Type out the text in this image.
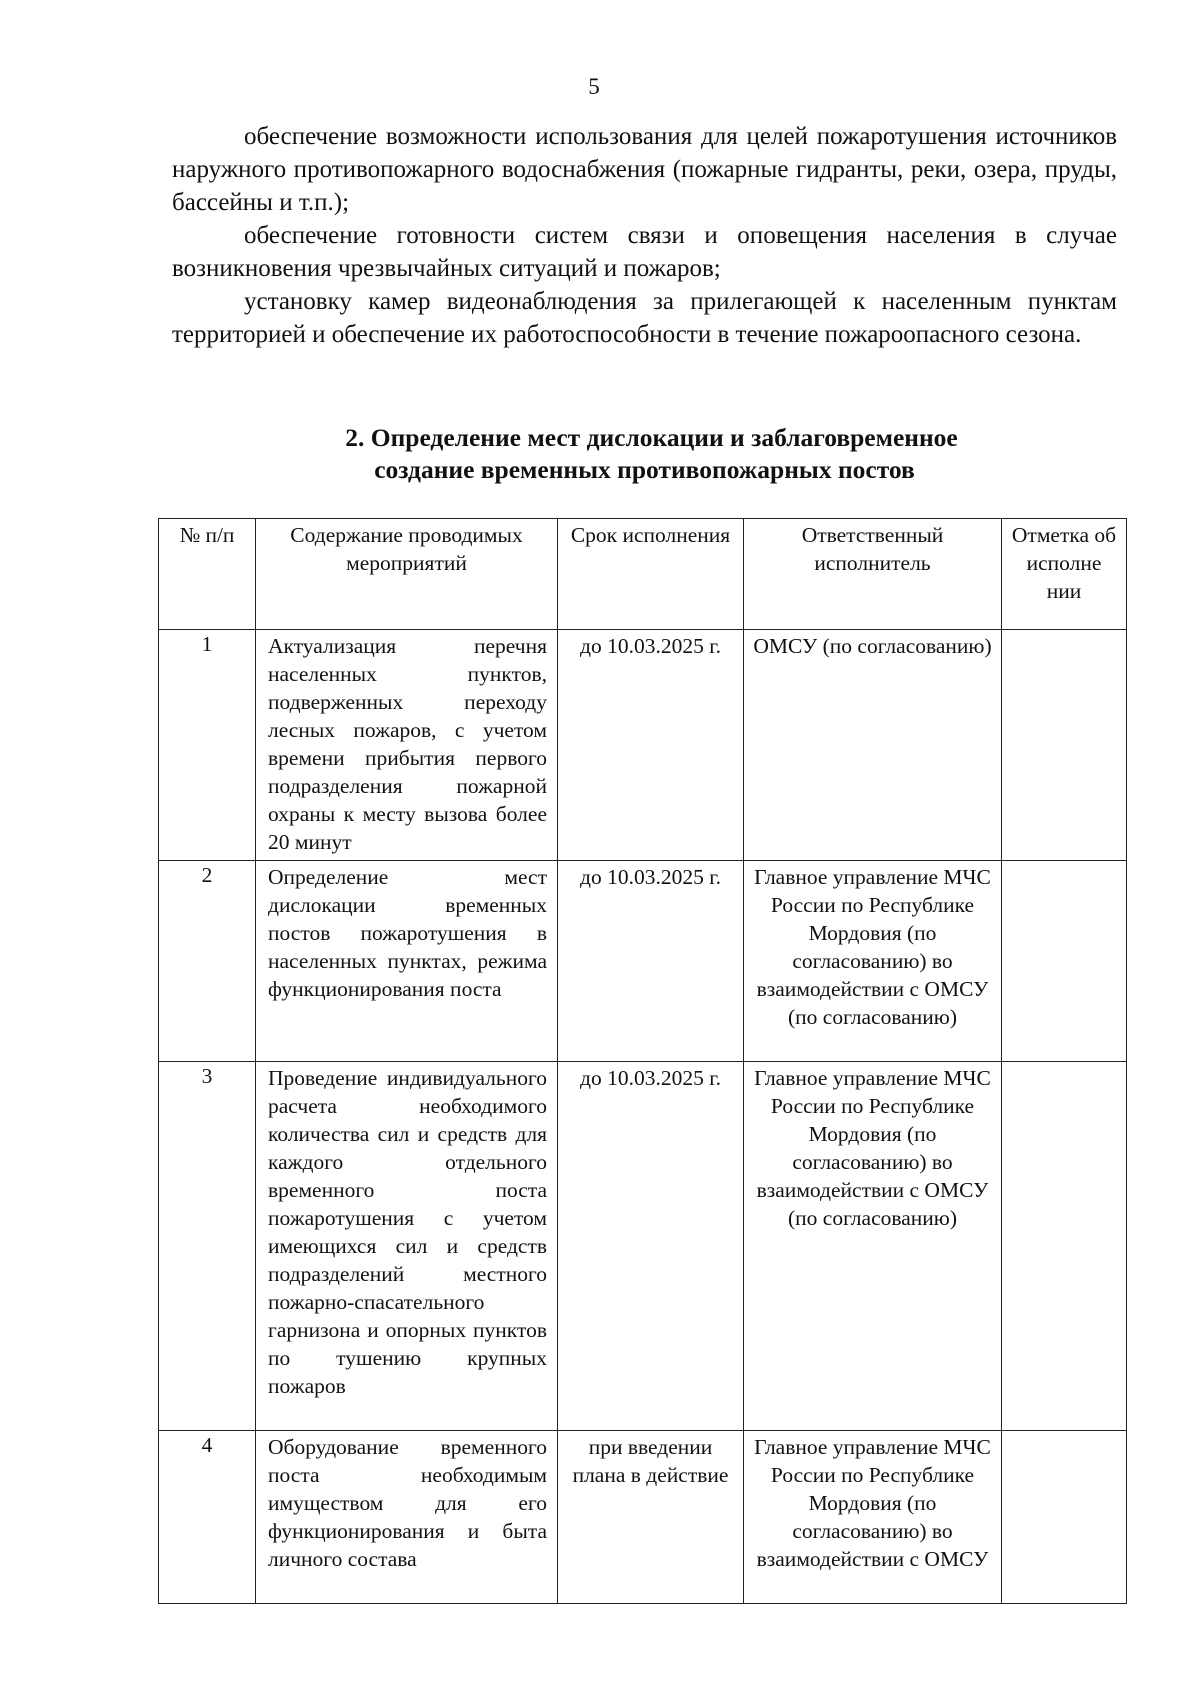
5

обеспечение возможности использования для целей пожаротушения источников наружного противопожарного водоснабжения (пожарные гидранты, реки, озера, пруды, бассейны и т.п.);

обеспечение готовности систем связи и оповещения населения в случае возникновения чрезвычайных ситуаций и пожаров;

установку камер видеонаблюдения за прилегающей к населенным пунктам территорией и обеспечение их работоспособности в течение пожароопасного сезона.

2. Определение мест дислокации и заблаговременное
создание временных противопожарных постов
№ п/п	Содержание проводимых мероприятий	Срок исполнения	Ответственный исполнитель	Отметка об исполне нии
1	Актуализация перечня населенных пунктов, подверженных переходу лесных пожаров, с учетом времени прибытия первого подразделения пожарной охраны к месту вызова более 20 минут	до 10.03.2025 г.	ОМСУ (по согласованию)	
2	Определение мест дислокации временных постов пожаротушения в населенных пунктах, режима функционирования поста	до 10.03.2025 г.	Главное управление МЧС России по Республике Мордовия (по согласованию) во взаимодействии с ОМСУ (по согласованию)	
3	Проведение индивидуального расчета необходимого количества сил и средств для каждого отдельного временного поста пожаротушения с учетом имеющихся сил и средств подразделений местного пожарно-спасательного гарнизона и опорных пунктов по тушению крупных пожаров	до 10.03.2025 г.	Главное управление МЧС России по Республике Мордовия (по согласованию) во взаимодействии с ОМСУ (по согласованию)	
4	Оборудование временного поста необходимым имуществом для его функционирования и быта личного состава	при введении плана в действие	Главное управление МЧС России по Республике Мордовия (по согласованию) во взаимодействии с ОМСУ	
